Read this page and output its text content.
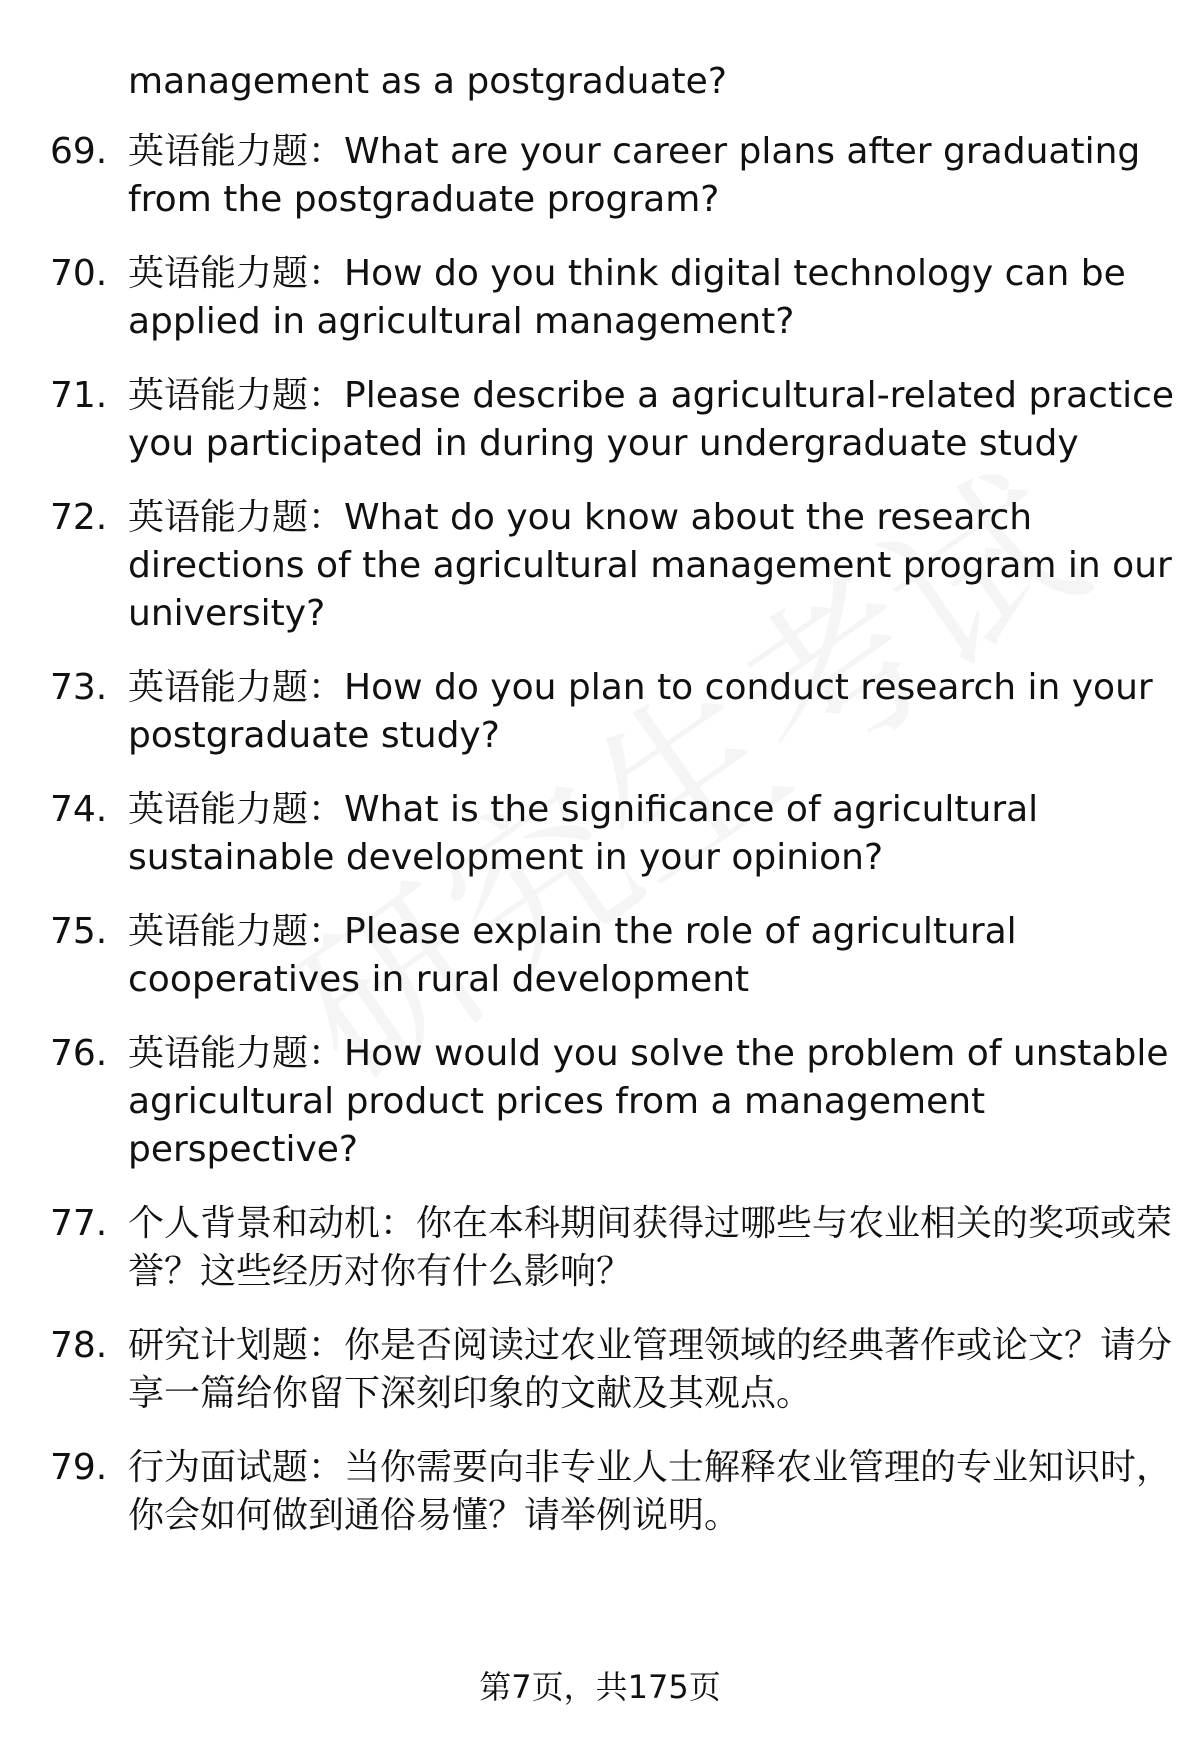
management as a postgraduate?
69. 英语能力题：What are your career plans after graduating from the postgraduate program?
70. 英语能力题：How do you think digital technology can be applied in agricultural management?
71. 英语能力题：Please describe a agricultural-related practice you participated in during your undergraduate study
72. 英语能力题：What do you know about the research directions of the agricultural management program in our university?
73. 英语能力题：How do you plan to conduct research in your postgraduate study?
74. 英语能力题：What is the significance of agricultural sustainable development in your opinion?
75. 英语能力题：Please explain the role of agricultural cooperatives in rural development
76. 英语能力题：How would you solve the problem of unstable agricultural product prices from a management perspective?
77. 个人背景和动机：你在本科期间获得过哪些与农业相关的奖项或荣誉？这些经历对你有什么影响？
78. 研究计划题：你是否阅读过农业管理领域的经典著作或论文？请分享一篇给你留下深刻印象的文献及其观点。
79. 行为面试题：当你需要向非专业人士解释农业管理的专业知识时，你会如何做到通俗易懂？请举例说明。
第7页，共175页
